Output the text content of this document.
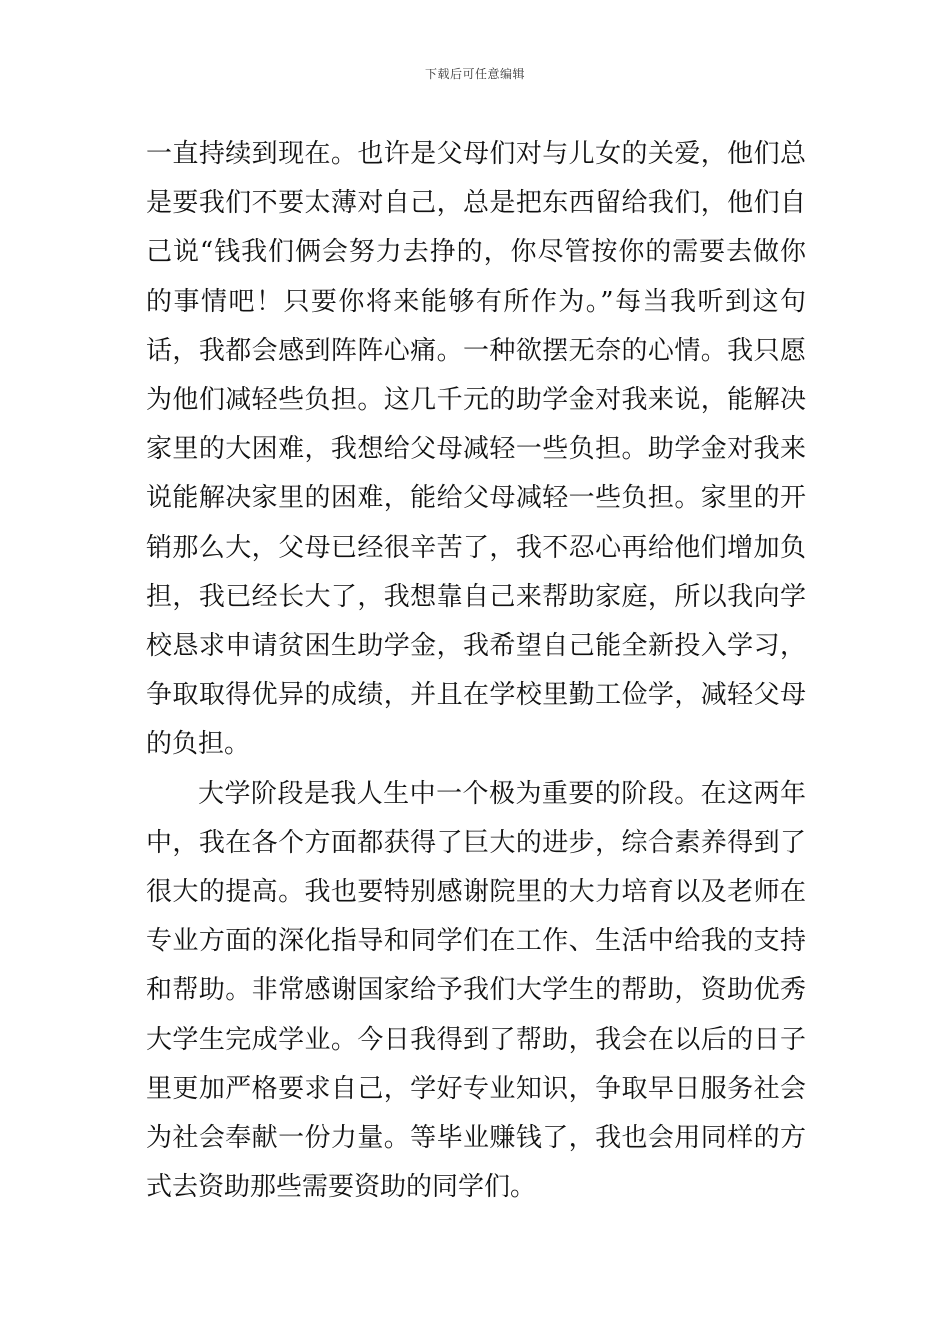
下载后可任意编辑

一直持续到现在。也许是父母们对与儿女的关爱，他们总是要我们不要太薄对自己，总是把东西留给我们，他们自己说“钱我们俩会努力去挣的，你尽管按你的需要去做你的事情吧！只要你将来能够有所作为。”每当我听到这句话，我都会感到阵阵心痛。一种欲摆无奈的心情。我只愿为他们减轻些负担。这几千元的助学金对我来说，能解决家里的大困难，我想给父母减轻一些负担。助学金对我来说能解决家里的困难，能给父母减轻一些负担。家里的开销那么大，父母已经很辛苦了，我不忍心再给他们增加负担，我已经长大了，我想靠自己来帮助家庭，所以我向学校恳求申请贫困生助学金，我希望自己能全新投入学习，争取取得优异的成绩，并且在学校里勤工俭学，减轻父母的负担。

大学阶段是我人生中一个极为重要的阶段。在这两年中，我在各个方面都获得了巨大的进步，综合素养得到了很大的提高。我也要特别感谢院里的大力培育以及老师在专业方面的深化指导和同学们在工作、生活中给我的支持和帮助。非常感谢国家给予我们大学生的帮助，资助优秀大学生完成学业。今日我得到了帮助，我会在以后的日子里更加严格要求自己，学好专业知识，争取早日服务社会为社会奉献一份力量。等毕业赚钱了，我也会用同样的方式去资助那些需要资助的同学们。
